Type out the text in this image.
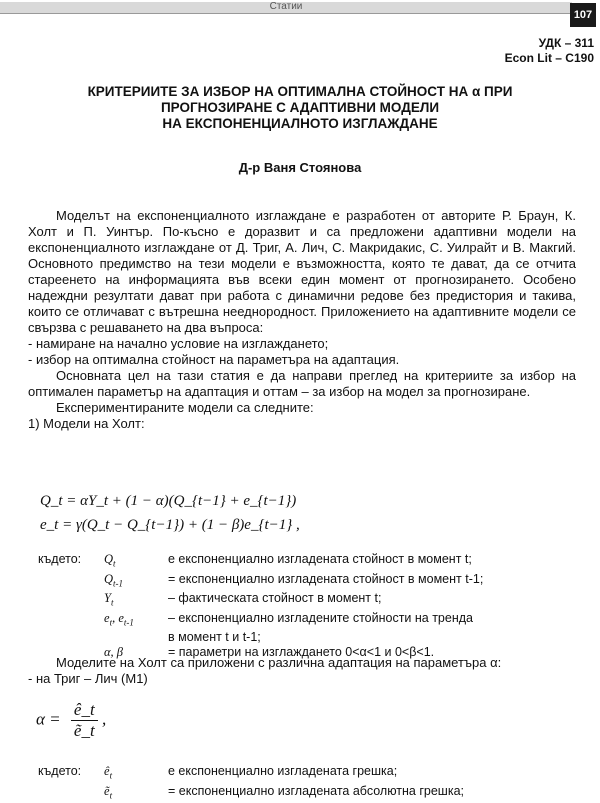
Статии
107
УДК – 311
Econ Lit – C190
КРИТЕРИИТЕ ЗА ИЗБОР НА ОПТИМАЛНА СТОЙНОСТ НА α ПРИ
ПРОГНОЗИРАНЕ С АДАПТИВНИ МОДЕЛИ
НА ЕКСПОНЕНЦИАЛНОТО ИЗГЛАЖДАНЕ
Д-р Ваня Стоянова

Моделът на експоненциалното изглаждане е разработен от авторите Р. Браун, К. Холт и П. Уинтър. По-късно е доразвит и са предложени адаптивни модели на експоненциалното изглаждане от Д. Триг, А. Лич, С. Макридакис, С. Уилрайт и В. Макгий. Основното предимство на тези модели е възможността, която те дават, да се отчита стареенето на информацията във всеки един момент от прогнозирането. Особено надеждни резултати дават при работа с динамични редове без предистория и такива, които се отличават с вътрешна нееднородност. Приложението на адаптивните модели се свързва с решаването на два въпроса:

- намиране на начално условие на изглаждането;

- избор на оптимална стойност на параметъра на адаптация.

Основната цел на тази статия е да направи преглед на критериите за избор на оптимален параметър на адаптация и оттам – за избор на модел за прогнозиране.

Експериментираните модели са следните:

1) Модели на Холт:

Q_t = αY_t + (1 − α)(Q_{t−1} + e_{t−1})
e_t = γ(Q_t − Q_{t−1}) + (1 − β)e_{t−1} ,
където:	$Q_t$	е експоненциално изгладената стойност в момент t;
$Q_{t-1}$	= експоненциално изгладената стойност в момент t-1;
$Y_t$	– фактическата стойност в момент t;
$e_t$, $e_{t-1}$	– експоненциално изгладените стойности на тренда
в момент t и t-1;
α, β	= параметри на изглаждането 0<α<1 и 0<β<1.

Моделите на Холт са приложени с различна адаптация на параметъра α:

- на Триг – Лич (M1)

$\alpha = \frac{ê\_t}{\text{ẽ\_t}}$ ,
където:	$ê_t$	е експоненциално изгладената грешка;
ẽ$_t$	= експоненциално изгладената абсолютна грешка;
